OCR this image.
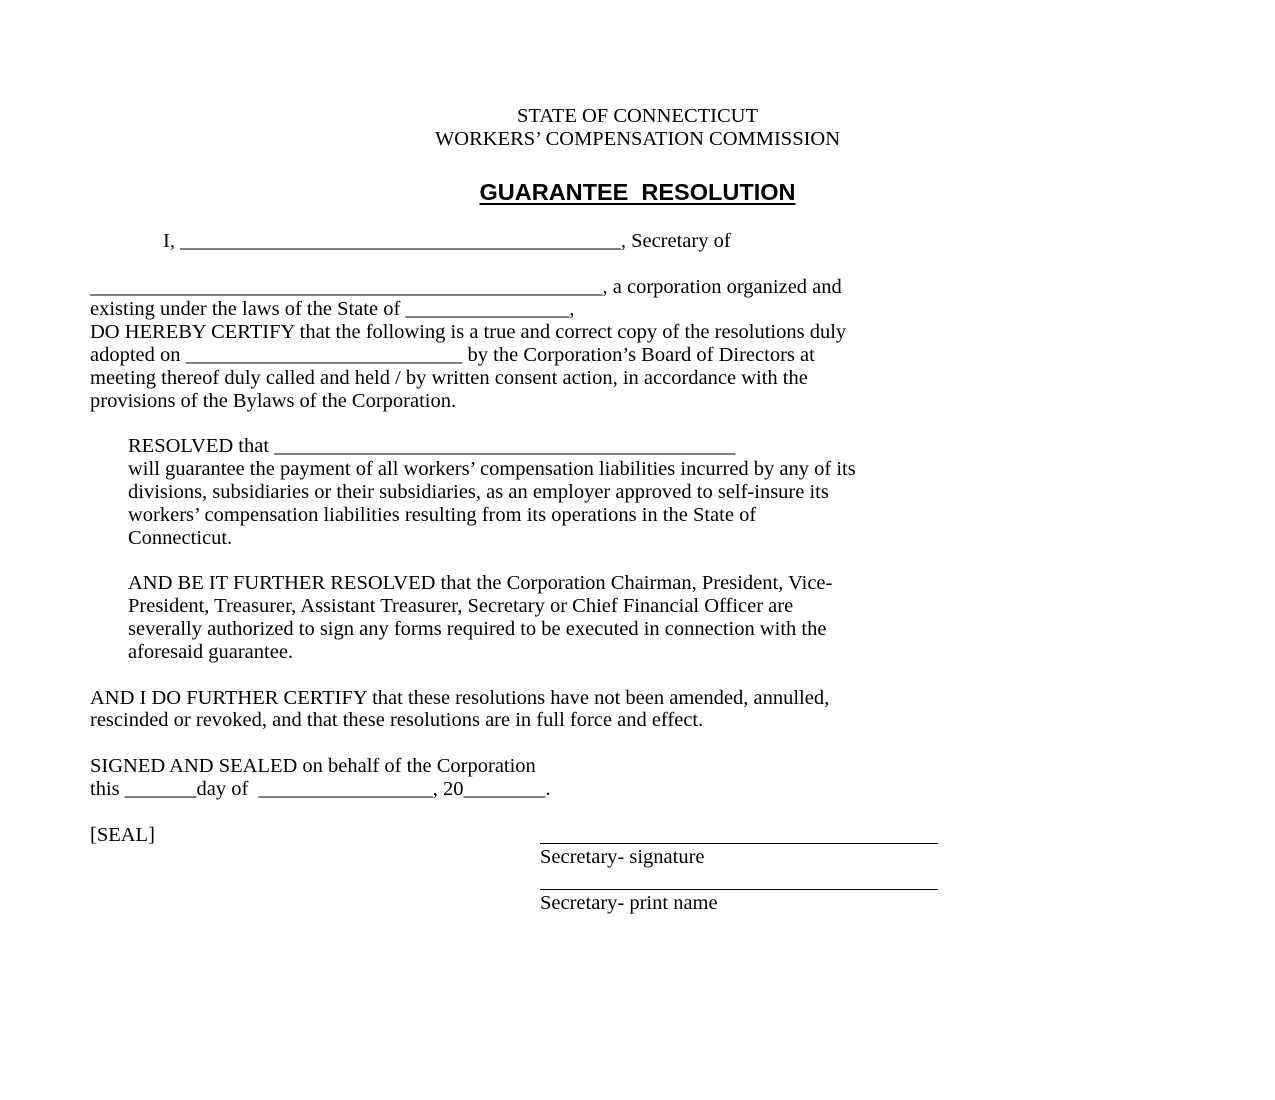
STATE OF CONNECTICUT
WORKERS’ COMPENSATION COMMISSION
GUARANTEE  RESOLUTION
I, ___________________________________________, Secretary of
__________________________________________________, a corporation organized and
existing under the laws of the State of ________________,
DO HEREBY CERTIFY that the following is a true and correct copy of the resolutions duly
adopted on ___________________________ by the Corporation’s Board of Directors at
meeting thereof duly called and held / by written consent action, in accordance with the
provisions of the Bylaws of the Corporation.
RESOLVED that _____________________________________________
will guarantee the payment of all workers’ compensation liabilities incurred by any of its
divisions, subsidiaries or their subsidiaries, as an employer approved to self-insure its
workers’ compensation liabilities resulting from its operations in the State of
Connecticut.
AND BE IT FURTHER RESOLVED that the Corporation Chairman, President, Vice-
President, Treasurer, Assistant Treasurer, Secretary or Chief Financial Officer are
severally authorized to sign any forms required to be executed in connection with the
aforesaid guarantee.
AND I DO FURTHER CERTIFY that these resolutions have not been amended, annulled,
rescinded or revoked, and that these resolutions are in full force and effect.
SIGNED AND SEALED on behalf of the Corporation
this _______day of  _________________, 20________.
[SEAL]
Secretary- signature
Secretary- print name
